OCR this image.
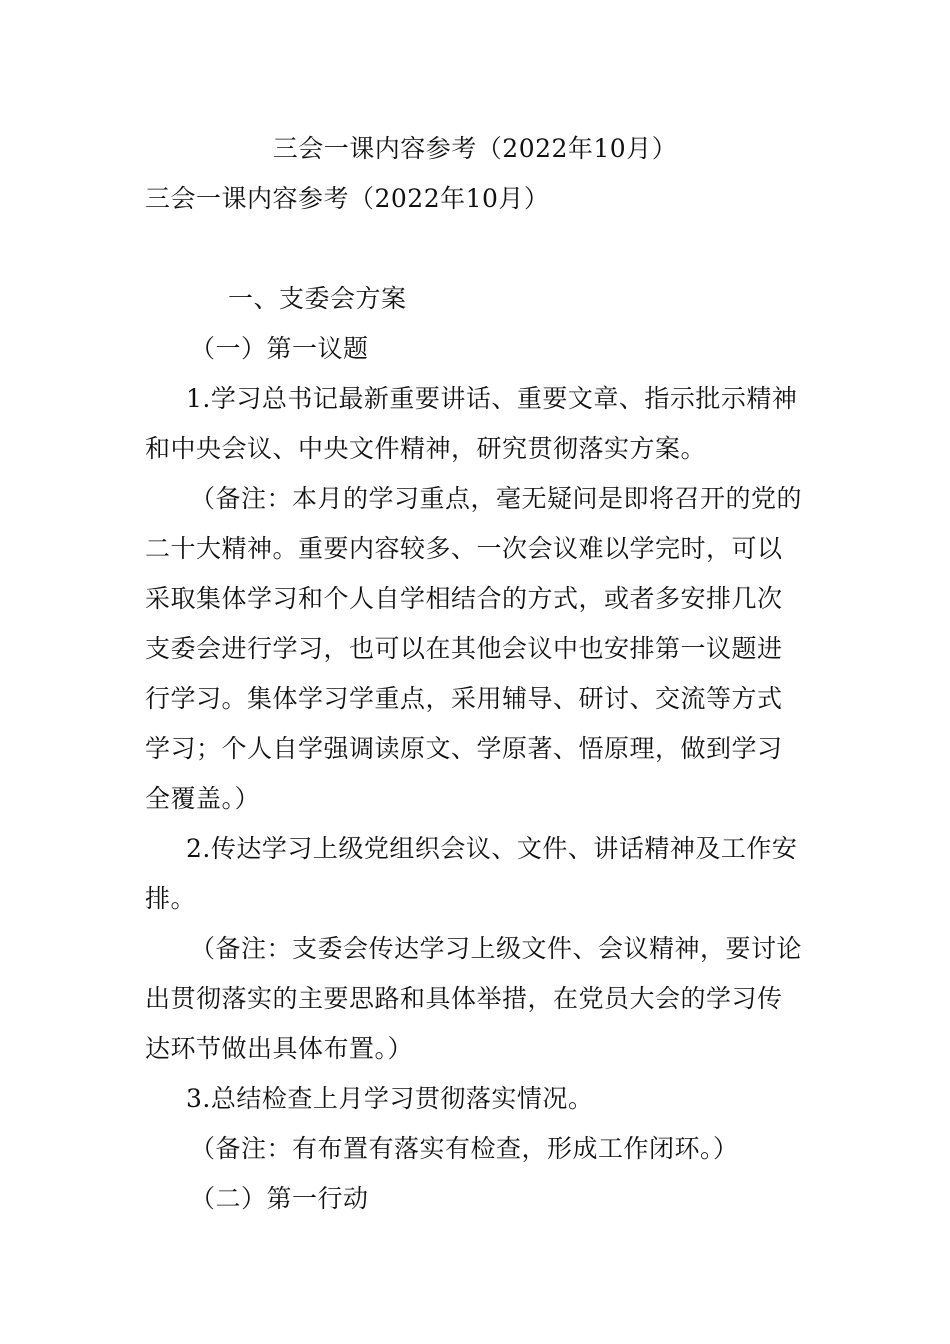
三会一课内容参考（2022年10月）
三会一课内容参考（2022年10月）
一、支委会方案
（一）第一议题
1.学习总书记最新重要讲话、重要文章、指示批示精神
和中央会议、中央文件精神，研究贯彻落实方案。
（备注：本月的学习重点，毫无疑问是即将召开的党的
二十大精神。重要内容较多、一次会议难以学完时，可以
采取集体学习和个人自学相结合的方式，或者多安排几次
支委会进行学习，也可以在其他会议中也安排第一议题进
行学习。集体学习学重点，采用辅导、研讨、交流等方式
学习；个人自学强调读原文、学原著、悟原理，做到学习
全覆盖。）
2.传达学习上级党组织会议、文件、讲话精神及工作安
排。
（备注：支委会传达学习上级文件、会议精神，要讨论
出贯彻落实的主要思路和具体举措，在党员大会的学习传
达环节做出具体布置。）
3.总结检查上月学习贯彻落实情况。
（备注：有布置有落实有检查，形成工作闭环。）
（二）第一行动
